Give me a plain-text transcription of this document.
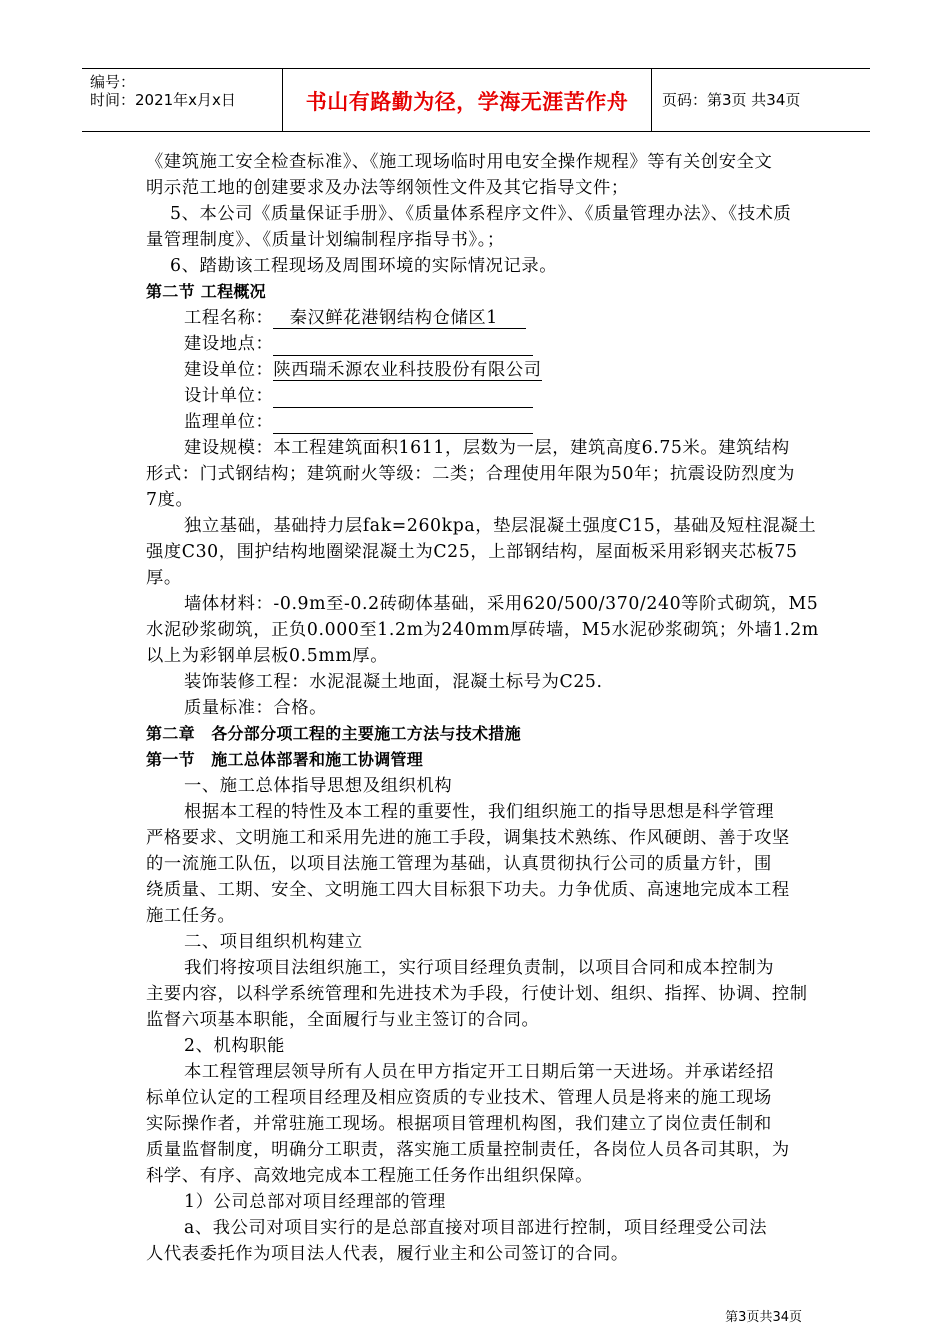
编号：
时间：2021年x月x日	书山有路勤为径，学海无涯苦作舟	页码：第3页 共34页
《建筑施工安全检查标准》、《施工现场临时用电安全操作规程》等有关创安全文
明示范工地的创建要求及办法等纲领性文件及其它指导文件；
5、本公司《质量保证手册》、《质量体系程序文件》、《质量管理办法》、《技术质
量管理制度》、《质量计划编制程序指导书》。；
6、踏勘该工程现场及周围环境的实际情况记录。
第二节 工程概况
工程名称： 秦汉鲜花港钢结构仓储区1
建设地点：
建设单位：陕西瑞禾源农业科技股份有限公司
设计单位：
监理单位：
建设规模：本工程建筑面积1611，层数为一层，建筑高度6.75米。建筑结构
形式：门式钢结构；建筑耐火等级：二类；合理使用年限为50年；抗震设防烈度为
7度。
独立基础，基础持力层fak=260kpa，垫层混凝土强度C15，基础及短柱混凝土
强度C30，围护结构地圈梁混凝土为C25，上部钢结构，屋面板采用彩钢夹芯板75
厚。
墙体材料：-0.9m至-0.2砖砌体基础，采用620/500/370/240等阶式砌筑，M5
水泥砂浆砌筑，正负0.000至1.2m为240mm厚砖墙，M5水泥砂浆砌筑；外墙1.2m
以上为彩钢单层板0.5mm厚。
装饰装修工程：水泥混凝土地面，混凝土标号为C25.
质量标准：合格。
第二章　各分部分项工程的主要施工方法与技术措施
第一节　施工总体部署和施工协调管理
一、施工总体指导思想及组织机构
根据本工程的特性及本工程的重要性，我们组织施工的指导思想是科学管理
严格要求、文明施工和采用先进的施工手段，调集技术熟练、作风硬朗、善于攻坚
的一流施工队伍，以项目法施工管理为基础，认真贯彻执行公司的质量方针，围
绕质量、工期、安全、文明施工四大目标狠下功夫。力争优质、高速地完成本工程
施工任务。
二、项目组织机构建立
我们将按项目法组织施工，实行项目经理负责制，以项目合同和成本控制为
主要内容，以科学系统管理和先进技术为手段，行使计划、组织、指挥、协调、控制
监督六项基本职能，全面履行与业主签订的合同。
2、机构职能
本工程管理层领导所有人员在甲方指定开工日期后第一天进场。并承诺经招
标单位认定的工程项目经理及相应资质的专业技术、管理人员是将来的施工现场
实际操作者，并常驻施工现场。根据项目管理机构图，我们建立了岗位责任制和
质量监督制度，明确分工职责，落实施工质量控制责任，各岗位人员各司其职，为
科学、有序、高效地完成本工程施工任务作出组织保障。
1）公司总部对项目经理部的管理
a、我公司对项目实行的是总部直接对项目部进行控制，项目经理受公司法
人代表委托作为项目法人代表，履行业主和公司签订的合同。
第3页共34页
